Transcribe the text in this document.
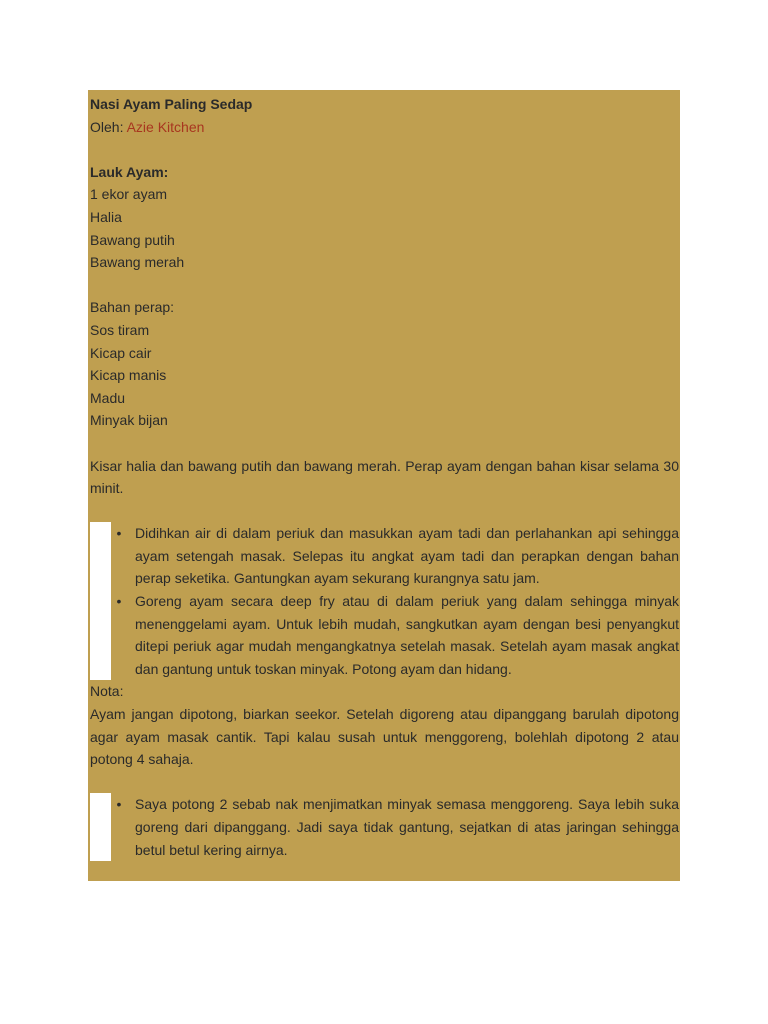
Nasi Ayam Paling Sedap

Oleh: Azie Kitchen

Lauk Ayam:

1 ekor ayam

Halia

Bawang putih

Bawang merah

Bahan perap:

Sos tiram

Kicap cair

Kicap manis

Madu

Minyak bijan

Kisar halia dan bawang putih dan bawang merah. Perap ayam dengan bahan kisar selama 30 minit.

• Didihkan air di dalam periuk dan masukkan ayam tadi dan perlahankan api sehingga ayam setengah masak. Selepas itu angkat ayam tadi dan perapkan dengan bahan perap seketika. Gantungkan ayam sekurang kurangnya satu jam.

• Goreng ayam secara deep fry atau di dalam periuk yang dalam sehingga minyak menenggelami ayam. Untuk lebih mudah, sangkutkan ayam dengan besi penyangkut ditepi periuk agar mudah mengangkatnya setelah masak. Setelah ayam masak angkat dan gantung untuk toskan minyak. Potong ayam dan hidang.

Nota:

Ayam jangan dipotong, biarkan seekor. Setelah digoreng atau dipanggang barulah dipotong agar ayam masak cantik. Tapi kalau susah untuk menggoreng, bolehlah dipotong 2 atau potong 4 sahaja.

• Saya potong 2 sebab nak menjimatkan minyak semasa menggoreng. Saya lebih suka goreng dari dipanggang. Jadi saya tidak gantung, sejatkan di atas jaringan sehingga betul betul kering airnya.
